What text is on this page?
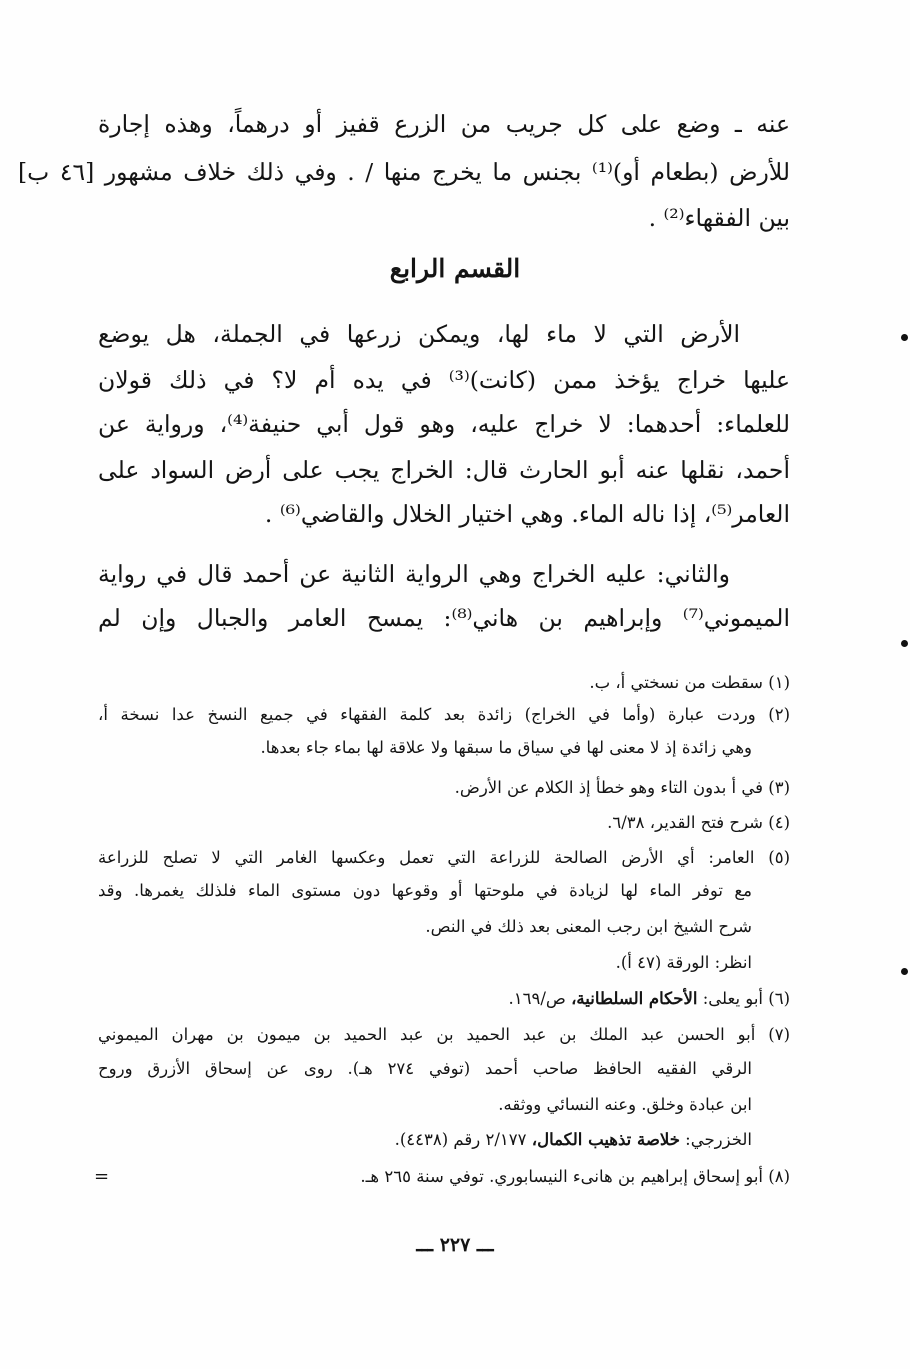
عنه ـ وضع على كل جريب من الزرع قفيز أو درهماً، وهذه إجارة
للأرض (بطعام أو)⁽¹⁾ بجنس ما يخرج منها / . وفي ذلك خلاف مشهور [٤٦ ب]
بين الفقهاء⁽²⁾ .
القسم الرابع
الأرض التي لا ماء لها، ويمكن زرعها في الجملة، هل يوضع
عليها خراج يؤخذ ممن (كانت)⁽³⁾ في يده أم لا؟ في ذلك قولان
للعلماء: أحدهما: لا خراج عليه، وهو قول أبي حنيفة⁽⁴⁾، ورواية عن
أحمد، نقلها عنه أبو الحارث قال: الخراج يجب على أرض السواد على
العامر⁽⁵⁾، إذا ناله الماء. وهي اختيار الخلال والقاضي⁽⁶⁾ .
والثاني: عليه الخراج وهي الرواية الثانية عن أحمد قال في رواية
الميموني⁽⁷⁾ وإبراهيم بن هاني⁽⁸⁾: يمسح العامر والجبال وإن لم
(١) سقطت من نسختي أ، ب.
(٢) وردت عبارة (وأما في الخراج) زائدة بعد كلمة الفقهاء في جميع النسخ عدا نسخة أ،
وهي زائدة إذ لا معنى لها في سياق ما سبقها ولا علاقة لها بماء جاء بعدها.
(٣) في أ بدون التاء وهو خطأ إذ الكلام عن الأرض.
(٤) شرح فتح القدير، ٦/٣٨.
(٥) العامر: أي الأرض الصالحة للزراعة التي تعمل وعكسها الغامر التي لا تصلح للزراعة
مع توفر الماء لها لزيادة في ملوحتها أو وقوعها دون مستوى الماء فلذلك يغمرها. وقد
شرح الشيخ ابن رجب المعنى بعد ذلك في النص.
انظر: الورقة (٤٧ أ).
(٦) أبو يعلى: الأحكام السلطانية، ص/١٦٩.
(٧) أبو الحسن عبد الملك بن عبد الحميد بن عبد الحميد بن ميمون بن مهران الميموني
الرقي الفقيه الحافظ صاحب أحمد (توفي ٢٧٤ هـ). روى عن إسحاق الأزرق وروح
ابن عبادة وخلق. وعنه النسائي ووثقه.
الخزرجي: خلاصة تذهيب الكمال، ٢/١٧٧ رقم (٤٤٣٨).
(٨) أبو إسحاق إبراهيم بن هانىء النيسابوري. توفي سنة ٢٦٥ هـ.
=
ـــ ٢٢٧ ـــ
